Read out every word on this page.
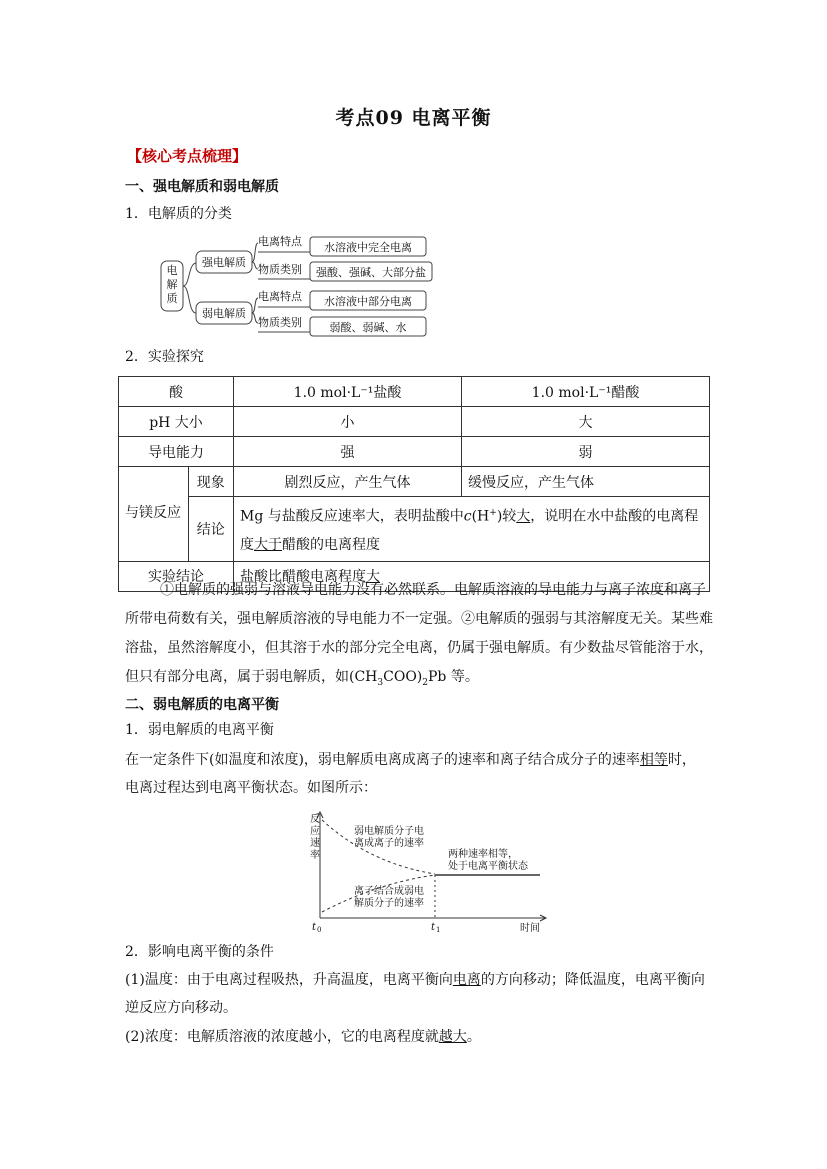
考点09 电离平衡
【核心考点梳理】
一、强电解质和弱电解质
1．电解质的分类
电
解
质
强电解质
弱电解质
电离特点
物质类别
电离特点
物质类别
水溶液中完全电离
强酸、强碱、大部分盐
水溶液中部分电离
弱酸、弱碱、水
2．实验探究
酸		1.0 mol·L⁻¹盐酸	1.0 mol·L⁻¹醋酸
pH 大小		小	大
导电能力		强	弱
与镁反应	现象	剧烈反应，产生气体	缓慢反应，产生气体
	结论	Mg 与盐酸反应速率大，表明盐酸中c(H+)较大，说明在水中盐酸的电离程度大于醋酸的电离程度	
实验结论		盐酸比醋酸电离程度大	
①电解质的强弱与溶液导电能力没有必然联系。电解质溶液的导电能力与离子浓度和离子所带电荷数有关，强电解质溶液的导电能力不一定强。②电解质的强弱与其溶解度无关。某些难溶盐，虽然溶解度小，但其溶于水的部分完全电离，仍属于强电解质。有少数盐尽管能溶于水，但只有部分电离，属于弱电解质，如$(CH_3COO)_2Pb$ 等。
二、弱电解质的电离平衡
1．弱电解质的电离平衡
在一定条件下(如温度和浓度)，弱电解质电离成离子的速率和离子结合成分子的速率相等时，
电离过程达到电离平衡状态。如图所示：
反
应
速
率
弱电解质分子电
离成离子的速率
两种速率相等，
处于电离平衡状态
离子结合成弱电
解质分子的速率
t 0	t 1	时间
2．影响电离平衡的条件
(1)温度：由于电离过程吸热，升高温度，电离平衡向电离的方向移动；降低温度，电离平衡向逆反应方向移动。
(2)浓度：电解质溶液的浓度越小，它的电离程度就越大。
